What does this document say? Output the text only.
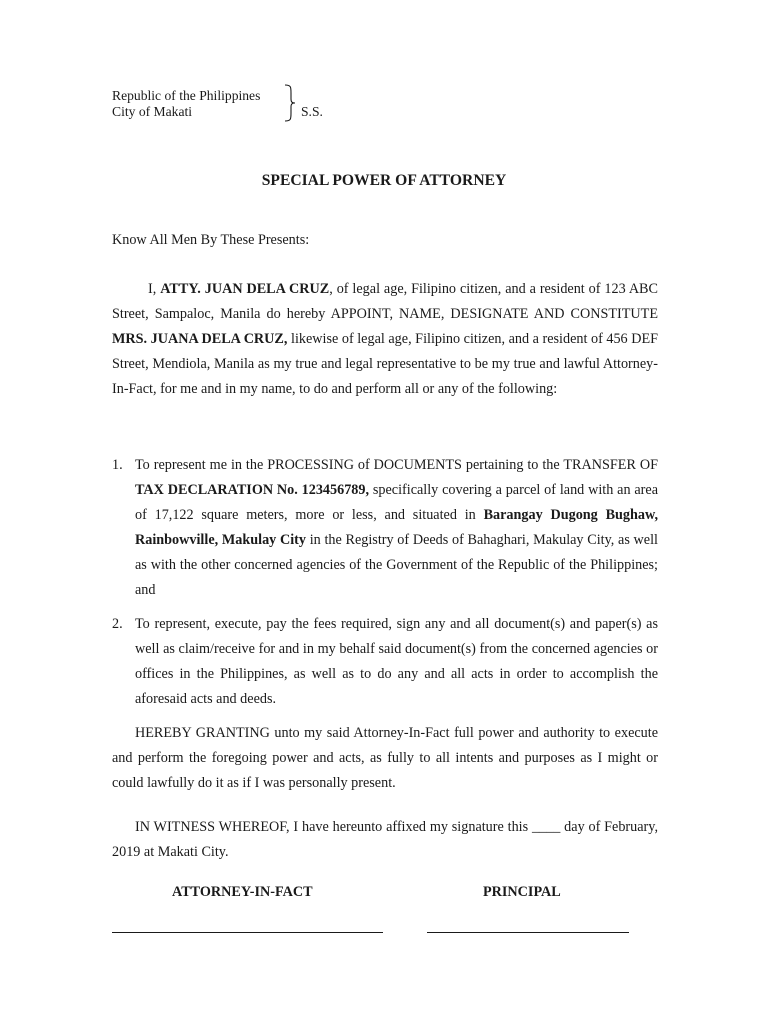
Republic of the Philippines
City of Makati	S.S.
SPECIAL POWER OF ATTORNEY
Know All Men By These Presents:
I, ATTY. JUAN DELA CRUZ, of legal age, Filipino citizen, and a resident of 123 ABC Street, Sampaloc, Manila do hereby APPOINT, NAME, DESIGNATE AND CONSTITUTE MRS. JUANA DELA CRUZ, likewise of legal age, Filipino citizen, and a resident of 456 DEF Street, Mendiola, Manila as my true and legal representative to be my true and lawful Attorney-In-Fact, for me and in my name, to do and perform all or any of the following:
1. To represent me in the PROCESSING of DOCUMENTS pertaining to the TRANSFER OF TAX DECLARATION No. 123456789, specifically covering a parcel of land with an area of 17,122 square meters, more or less, and situated in Barangay Dugong Bughaw, Rainbowville, Makulay City in the Registry of Deeds of Bahaghari, Makulay City, as well as with the other concerned agencies of the Government of the Republic of the Philippines; and
2. To represent, execute, pay the fees required, sign any and all document(s) and paper(s) as well as claim/receive for and in my behalf said document(s) from the concerned agencies or offices in the Philippines, as well as to do any and all acts in order to accomplish the aforesaid acts and deeds.
HEREBY GRANTING unto my said Attorney-In-Fact full power and authority to execute and perform the foregoing power and acts, as fully to all intents and purposes as I might or could lawfully do it as if I was personally present.
IN WITNESS WHEREOF, I have hereunto affixed my signature this ____ day of February, 2019 at Makati City.
ATTORNEY-IN-FACT	PRINCIPAL
